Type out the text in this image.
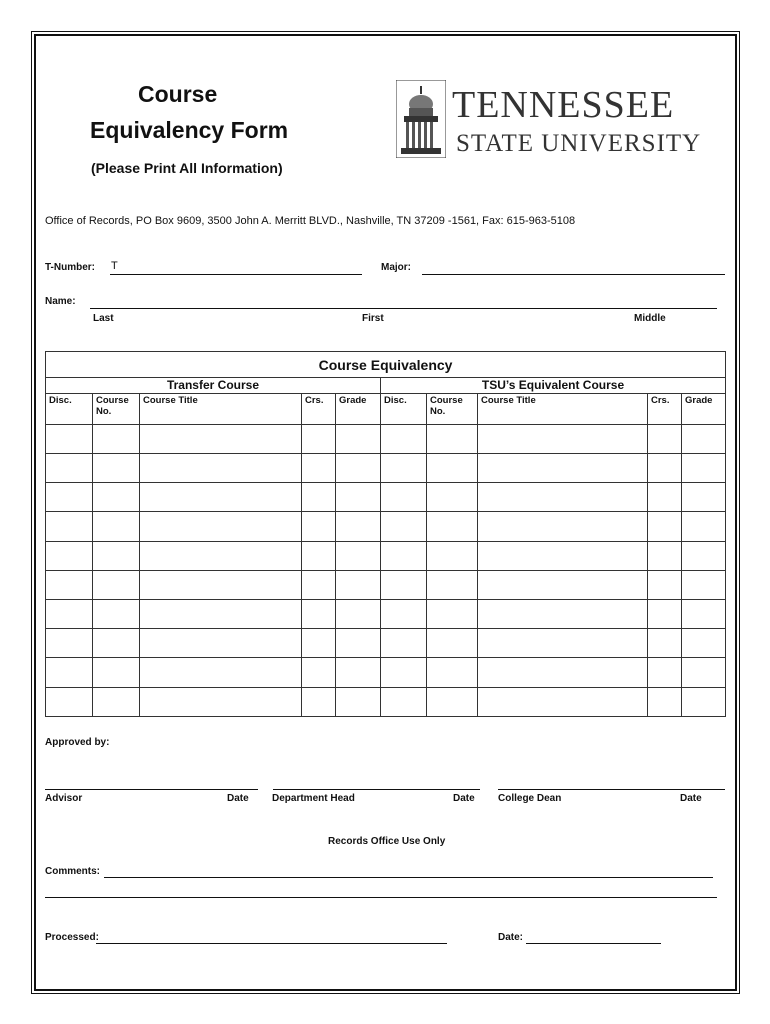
Course
Equivalency Form
(Please Print All Information)
TENNESSEE
STATE UNIVERSITY
Office of Records, PO Box 9609, 3500 John A. Merritt BLVD., Nashville, TN 37209 -1561, Fax: 615-963-5108
T-Number: T	Major:
Name:
Last	First	Middle
Course Equivalency									
Transfer Course					TSU’s Equivalent Course				
Disc.	Course No.	Course Title	Crs.	Grade	Disc.	Course No.	Course Title	Crs.	Grade

Approved by:
Advisor	Date Department Head	Date College Dean	Date
Records Office Use Only
Comments:
Processed:	Date:
